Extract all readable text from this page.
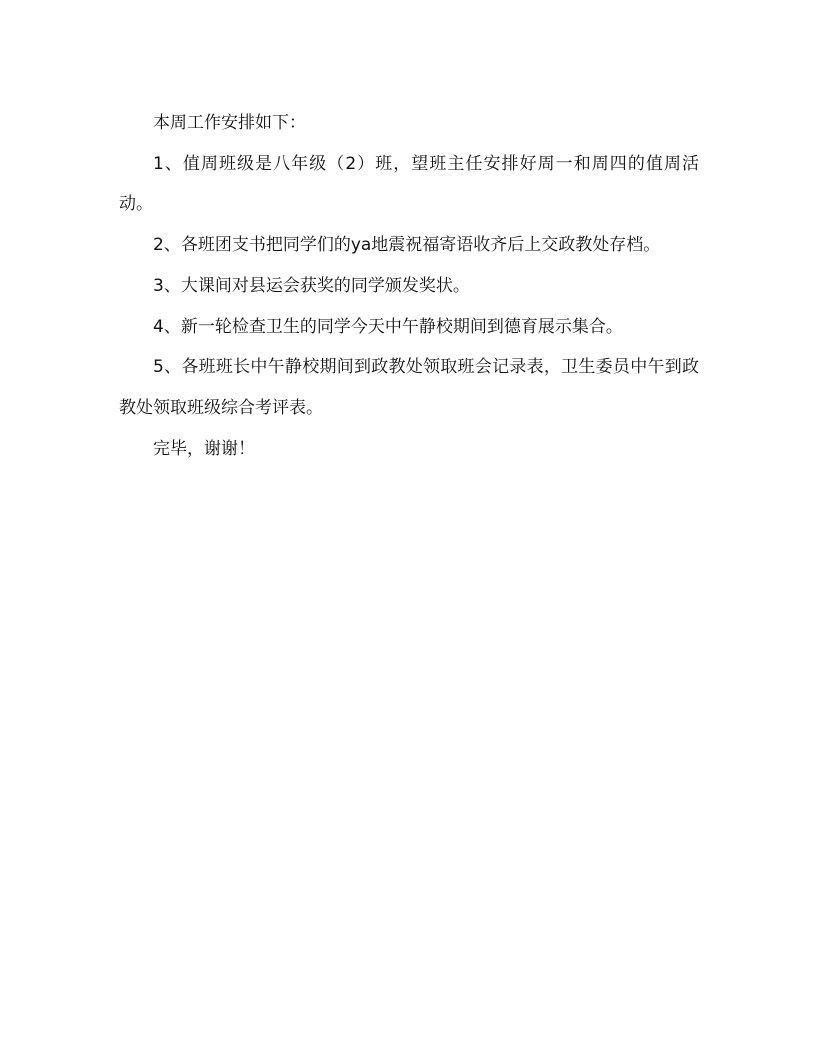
本周工作安排如下：

1、值周班级是八年级（2）班，望班主任安排好周一和周四的值周活动。

2、各班团支书把同学们的ya地震祝福寄语收齐后上交政教处存档。

3、大课间对县运会获奖的同学颁发奖状。

4、新一轮检查卫生的同学今天中午静校期间到德育展示集合。

5、各班班长中午静校期间到政教处领取班会记录表，卫生委员中午到政教处领取班级综合考评表。

完毕，谢谢！
